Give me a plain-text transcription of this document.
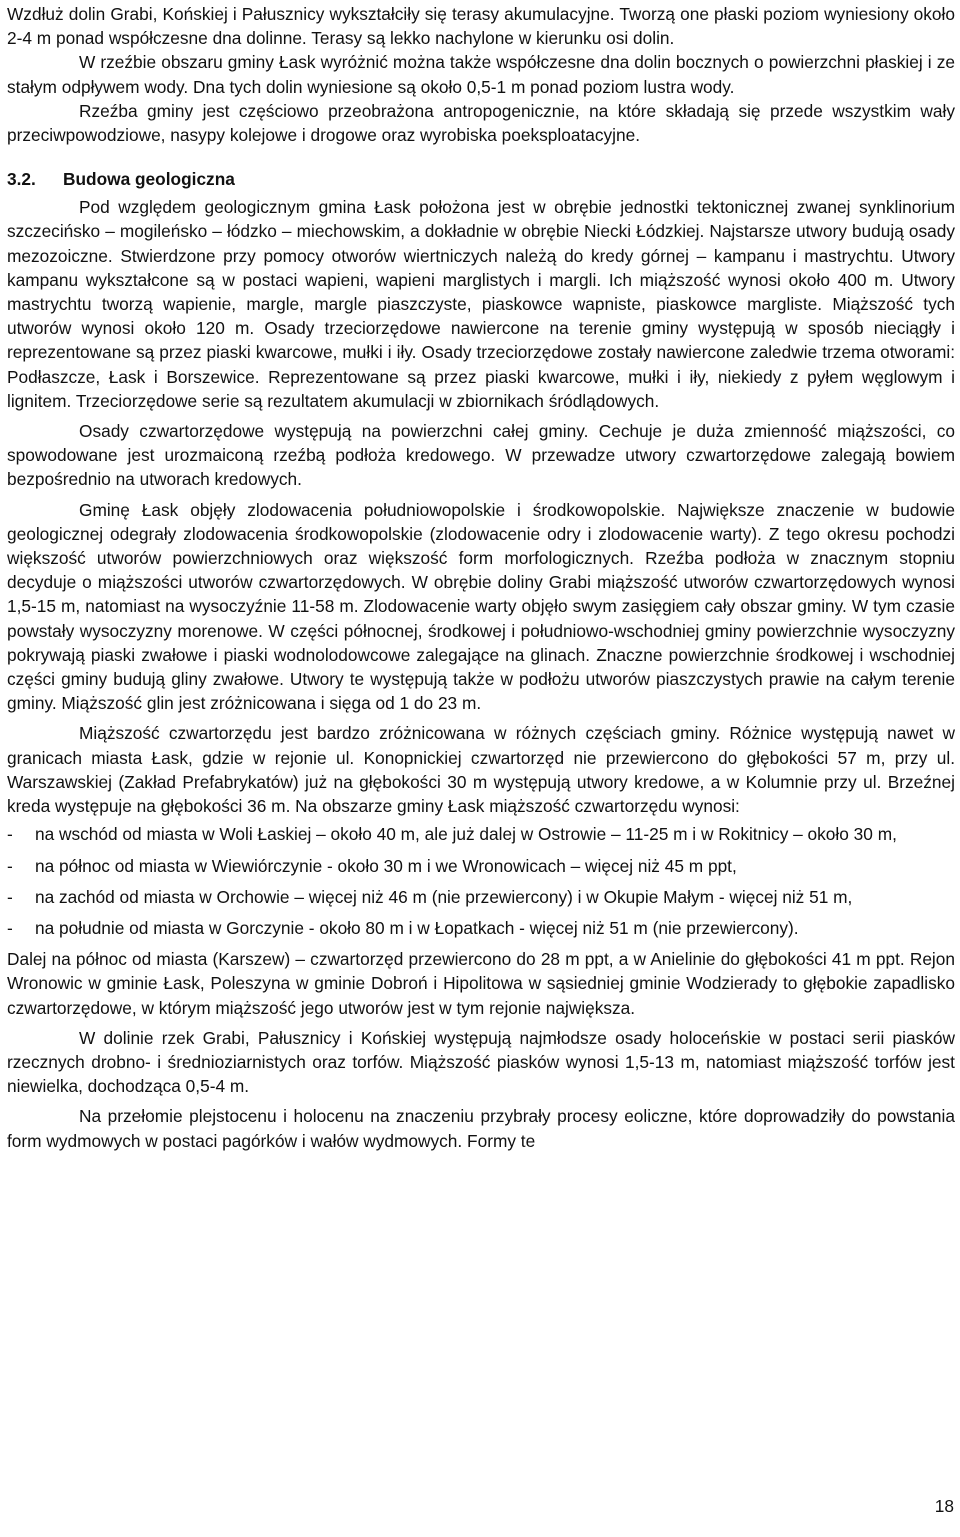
Wzdłuż dolin Grabi, Końskiej i Pałusznicy wykształciły się terasy akumulacyjne. Tworzą one płaski poziom wyniesiony około 2-4 m ponad współczesne dna dolinne. Terasy są lekko nachylone w kierunku osi dolin.

W rzeźbie obszaru gminy Łask wyróżnić można także współczesne dna dolin bocznych o powierzchni płaskiej i ze stałym odpływem wody. Dna tych dolin wyniesione są około 0,5-1 m ponad poziom lustra wody.

Rzeźba gminy jest częściowo przeobrażona antropogenicznie, na które składają się przede wszystkim wały przeciwpowodziowe, nasypy kolejowe i drogowe oraz wyrobiska poeksploatacyjne.

3.2. Budowa geologiczna

Pod względem geologicznym gmina Łask położona jest w obrębie jednostki tektonicznej zwanej synklinorium szczecińsko – mogileńsko – łódzko – miechowskim, a dokładnie w obrębie Niecki Łódzkiej. Najstarsze utwory budują osady mezozoiczne. Stwierdzone przy pomocy otworów wiertniczych należą do kredy górnej – kampanu i mastrychtu. Utwory kampanu wykształcone są w postaci wapieni, wapieni marglistych i margli. Ich miąższość wynosi około 400 m. Utwory mastrychtu tworzą wapienie, margle, margle piaszczyste, piaskowce wapniste, piaskowce margliste. Miąższość tych utworów wynosi około 120 m. Osady trzeciorzędowe nawiercone na terenie gminy występują w sposób nieciągły i reprezentowane są przez piaski kwarcowe, mułki i iły. Osady trzeciorzędowe zostały nawiercone zaledwie trzema otworami: Podłaszcze, Łask i Borszewice. Reprezentowane są przez piaski kwarcowe, mułki i iły, niekiedy z pyłem węglowym i lignitem. Trzeciorzędowe serie są rezultatem akumulacji w zbiornikach śródlądowych.

Osady czwartorzędowe występują na powierzchni całej gminy. Cechuje je duża zmienność miąższości, co spowodowane jest urozmaiconą rzeźbą podłoża kredowego. W przewadze utwory czwartorzędowe zalegają bowiem bezpośrednio na utworach kredowych.

Gminę Łask objęły zlodowacenia południowopolskie i środkowopolskie. Największe znaczenie w budowie geologicznej odegrały zlodowacenia środkowopolskie (zlodowacenie odry i zlodowacenie warty). Z tego okresu pochodzi większość utworów powierzchniowych oraz większość form morfologicznych. Rzeźba podłoża w znacznym stopniu decyduje o miąższości utworów czwartorzędowych. W obrębie doliny Grabi miąższość utworów czwartorzędowych wynosi 1,5-15 m, natomiast na wysoczyźnie 11-58 m. Zlodowacenie warty objęło swym zasięgiem cały obszar gminy. W tym czasie powstały wysoczyzny morenowe. W części północnej, środkowej i południowo-wschodniej gminy powierzchnie wysoczyzny pokrywają piaski zwałowe i piaski wodnolodowcowe zalegające na glinach. Znaczne powierzchnie środkowej i wschodniej części gminy budują gliny zwałowe. Utwory te występują także w podłożu utworów piaszczystych prawie na całym terenie gminy. Miąższość glin jest zróżnicowana i sięga od 1 do 23 m.

Miąższość czwartorzędu jest bardzo zróżnicowana w różnych częściach gminy. Różnice występują nawet w granicach miasta Łask, gdzie w rejonie ul. Konopnickiej czwartorzęd nie przewiercono do głębokości 57 m, przy ul. Warszawskiej (Zakład Prefabrykatów) już na głębokości 30 m występują utwory kredowe, a w Kolumnie przy ul. Brzeźnej kreda występuje na głębokości 36 m. Na obszarze gminy Łask miąższość czwartorzędu wynosi:

- na wschód od miasta w Woli Łaskiej – około 40 m, ale już dalej w Ostrowie – 11-25 m i w Rokitnicy – około 30 m,
- na północ od miasta w Wiewiórczynie - około 30 m i we Wronowicach – więcej niż 45 m ppt,
- na zachód od miasta w Orchowie – więcej niż 46 m (nie przewiercony) i w Okupie Małym - więcej niż 51 m,
- na południe od miasta w Gorczynie - około 80 m i w Łopatkach - więcej niż 51 m (nie przewiercony).

Dalej na północ od miasta (Karszew) – czwartorzęd przewiercono do 28 m ppt, a w Anielinie do głębokości 41 m ppt. Rejon Wronowic w gminie Łask, Poleszyna w gminie Dobroń i Hipolitowa w sąsiedniej gminie Wodzierady to głębokie zapadlisko czwartorzędowe, w którym miąższość jego utworów jest w tym rejonie największa.

W dolinie rzek Grabi, Pałusznicy i Końskiej występują najmłodsze osady holoceńskie w postaci serii piasków rzecznych drobno- i średnioziarnistych oraz torfów. Miąższość piasków wynosi 1,5-13 m, natomiast miąższość torfów jest niewielka, dochodząca 0,5-4 m.

Na przełomie plejstocenu i holocenu na znaczeniu przybrały procesy eoliczne, które doprowadziły do powstania form wydmowych w postaci pagórków i wałów wydmowych. Formy te

18
